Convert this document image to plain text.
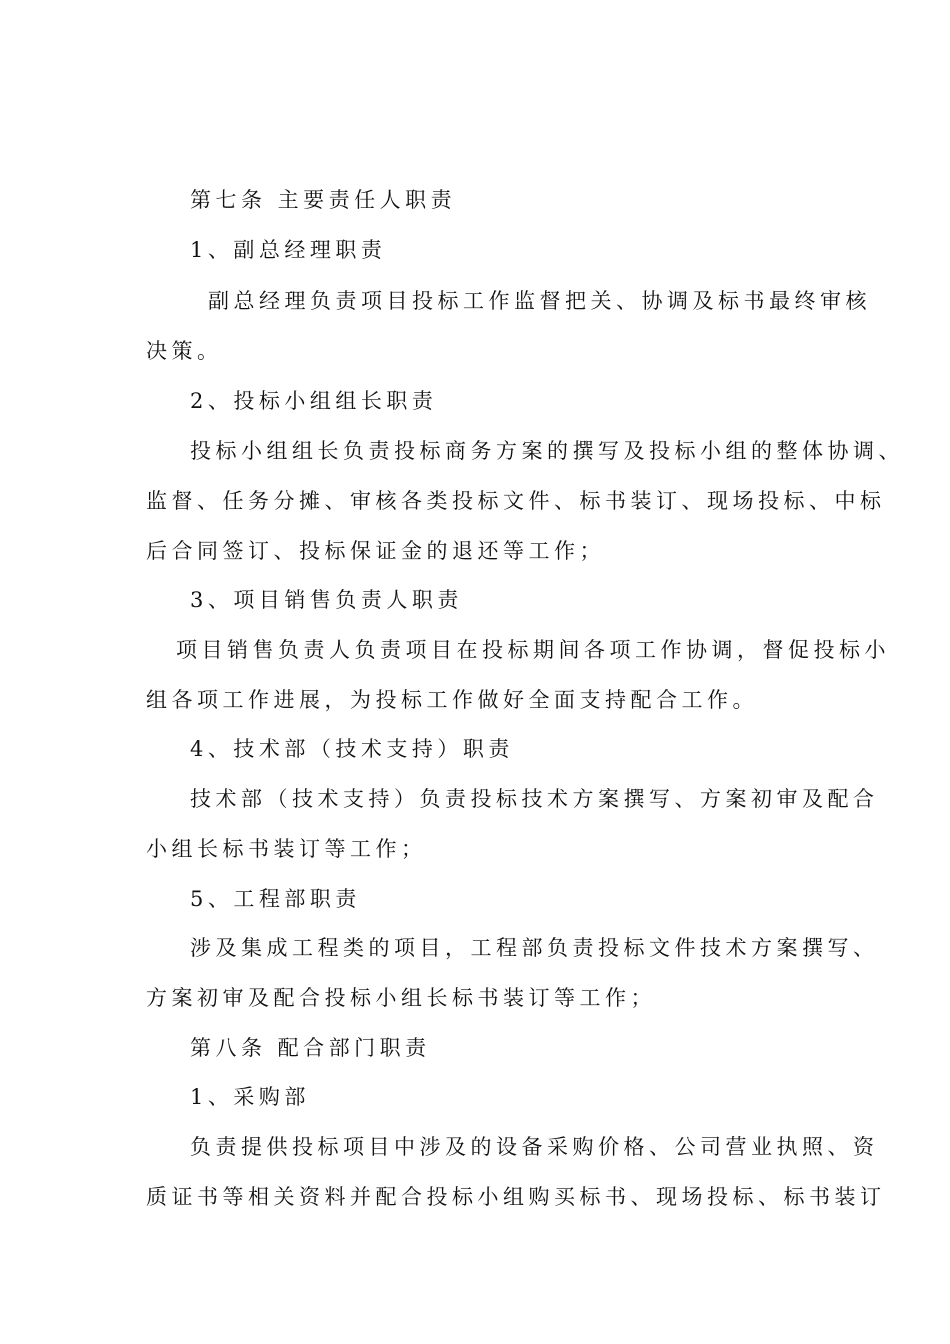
第七条 主要责任人职责
1、副总经理职责
副总经理负责项目投标工作监督把关、协调及标书最终审核
决策。
2、投标小组组长职责
投标小组组长负责投标商务方案的撰写及投标小组的整体协调、
监督、任务分摊、审核各类投标文件、标书装订、现场投标、中标
后合同签订、投标保证金的退还等工作；
3、项目销售负责人职责
项目销售负责人负责项目在投标期间各项工作协调，督促投标小
组各项工作进展，为投标工作做好全面支持配合工作。
4、技术部（技术支持）职责
技术部（技术支持）负责投标技术方案撰写、方案初审及配合
小组长标书装订等工作；
5、工程部职责
涉及集成工程类的项目，工程部负责投标文件技术方案撰写、
方案初审及配合投标小组长标书装订等工作；
第八条 配合部门职责
1、采购部
负责提供投标项目中涉及的设备采购价格、公司营业执照、资
质证书等相关资料并配合投标小组购买标书、现场投标、标书装订
